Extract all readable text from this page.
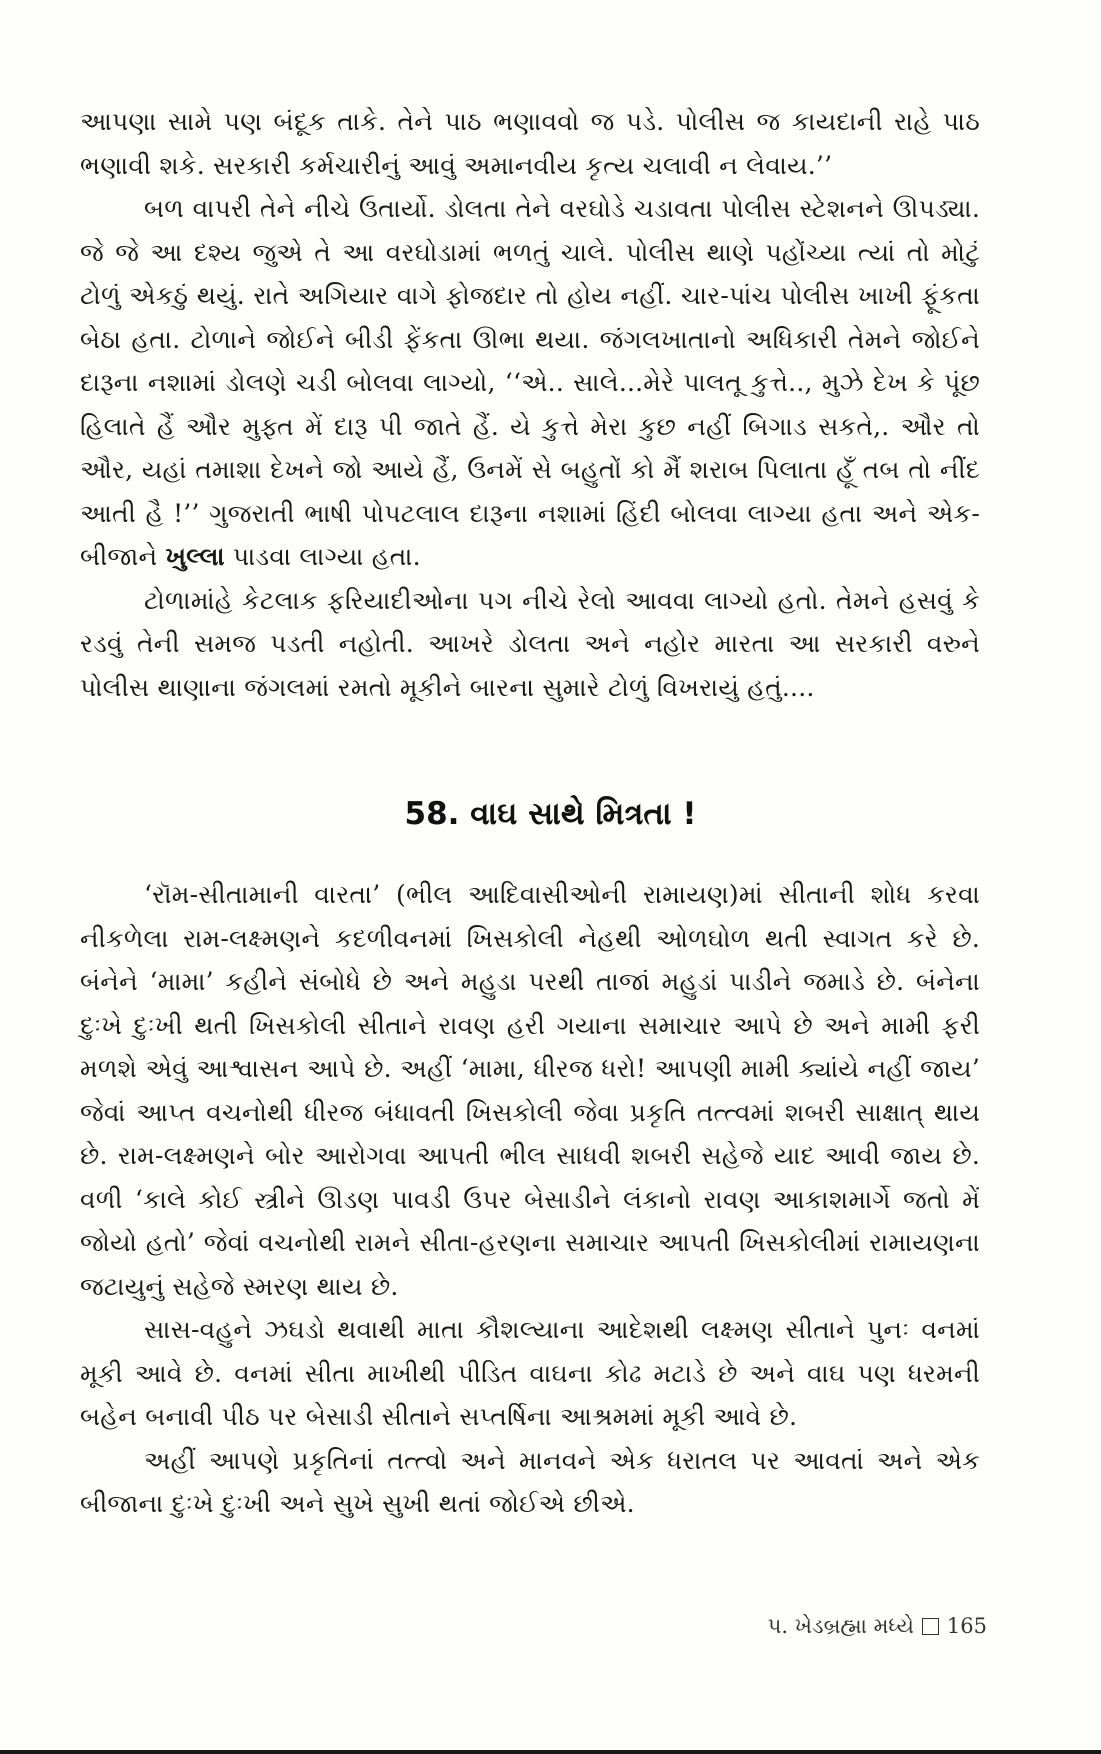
આપણા સામે પણ બંદૂક તાકે. તેને પાઠ ભણાવવો જ પડે. પોલીસ જ કાયદાની રાહે પાઠ ભણાવી શકે. સરકારી કર્મચારીનું આવું અમાનવીય કૃત્ય ચલાવી ન લેવાય.’’

બળ વાપરી તેને નીચે ઉતાર્યો. ડોલતા તેને વરઘોડે ચડાવતા પોલીસ સ્ટેશનને ઊપડ્યા. જે જે આ દશ્ય જુએ તે આ વરઘોડામાં ભળતું ચાલે. પોલીસ થાણે પહોંચ્યા ત્યાં તો મોટું ટોળું એકઠું થયું. રાતે અગિયાર વાગે ફોજદાર તો હોય નહીં. ચાર-પાંચ પોલીસ ખાખી ફૂંકતા બેઠા હતા. ટોળાને જોઈને બીડી ફેંકતા ઊભા થયા. જંગલખાતાનો અધિકારી તેમને જોઈને દારૂના નશામાં ડોલણે ચડી બોલવા લાગ્યો, ‘‘એ.. સાલે...મેરે પાલતૂ કુત્તે.., મુઝે દેખ કે પૂંછ હિલાતે હૈં ઔર મુફ્ત મેં દારૂ પી જાતે હૈં. યે કુત્તે મેરા કુછ નહીં બિગાડ સકતે,. ઔર તો ઔર, યહાં તમાશા દેખને જો આયે હૈં, ઉનમેં સે બહુતોં કો મૈં શરાબ પિલાતા હૂઁ તબ તો નીંદ આતી હૈ !’’ ગુજરાતી ભાષી પોપટલાલ દારૂના નશામાં હિંદી બોલવા લાગ્યા હતા અને એક- બીજાને ખુલ્લા પાડવા લાગ્યા હતા.

ટોળામાંહે કેટલાક ફરિયાદીઓના પગ નીચે રેલો આવવા લાગ્યો હતો. તેમને હસવું કે રડવું તેની સમજ પડતી નહોતી. આખરે ડોલતા અને નહોર મારતા આ સરકારી વરુને પોલીસ થાણાના જંગલમાં રમતો મૂકીને બારના સુમારે ટોળું વિખરાયું હતું....

58. વાઘ સાથે મિત્રતા !

‘રૉમ-સીતામાની વારતા’ (ભીલ આદિવાસીઓની રામાયણ)માં સીતાની શોધ કરવા નીકળેલા રામ-લક્ષ્મણને કદળીવનમાં ખિસકોલી નેહથી ઓળઘોળ થતી સ્વાગત કરે છે. બંનેને ‘મામા’ કહીને સંબોધે છે અને મહુડા પરથી તાજાં મહુડાં પાડીને જમાડે છે. બંનેના દુઃખે દુઃખી થતી ખિસકોલી સીતાને રાવણ હરી ગયાના સમાચાર આપે છે અને મામી ફરી મળશે એવું આશ્વાસન આપે છે. અહીં ‘મામા, ધીરજ ધરો! આપણી મામી ક્યાંયે નહીં જાય’ જેવાં આપ્ત વચનોથી ધીરજ બંધાવતી ખિસકોલી જેવા પ્રકૃતિ તત્ત્વમાં શબરી સાક્ષાત્ થાય છે. રામ-લક્ષ્મણને બોર આરોગવા આપતી ભીલ સાધવી શબરી સહેજે યાદ આવી જાય છે. વળી ‘કાલે કોઈ સ્ત્રીને ઊડણ પાવડી ઉપર બેસાડીને લંકાનો રાવણ આકાશમાર્ગે જતો મેં જોયો હતો’ જેવાં વચનોથી રામને સીતા-હરણના સમાચાર આપતી ખિસકોલીમાં રામાયણના જટાયુનું સહેજે સ્મરણ થાય છે.

સાસ-વહુને ઝઘડો થવાથી માતા કૌશલ્યાના આદેશથી લક્ષ્મણ સીતાને પુનઃ વનમાં મૂકી આવે છે. વનમાં સીતા માખીથી પીડિત વાઘના કોઢ મટાડે છે અને વાઘ પણ ધરમની બહેન બનાવી પીઠ પર બેસાડી સીતાને સપ્તર્ષિના આશ્રમમાં મૂકી આવે છે.

અહીં આપણે પ્રકૃતિનાં તત્ત્વો અને માનવને એક ધરાતલ પર આવતાં અને એક બીજાના દુઃખે દુઃખી અને સુખે સુખી થતાં જોઈએ છીએ.

પ. ખેડબ્રહ્મા મધ્યે 165
